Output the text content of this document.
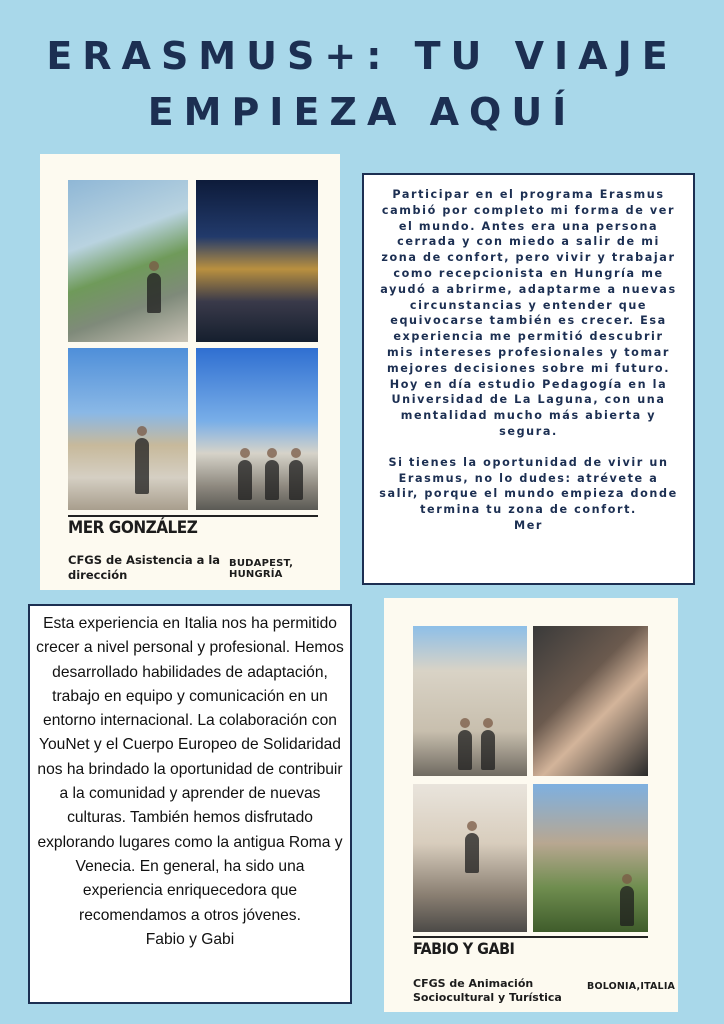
ERASMUS+: TU VIAJE
EMPIEZA AQUÍ
MER GONZÁLEZ
CFGS de Asistencia a la
dirección
BUDAPEST, HUNGRÍA

Participar en el programa Erasmus cambió por completo mi forma de ver el mundo. Antes era una persona cerrada y con miedo a salir de mi zona de confort, pero vivir y trabajar como recepcionista en Hungría me ayudó a abrirme, adaptarme a nuevas circunstancias y entender que equivocarse también es crecer. Esa experiencia me permitió descubrir mis intereses profesionales y tomar mejores decisiones sobre mi futuro. Hoy en día estudio Pedagogía en la Universidad de La Laguna, con una mentalidad mucho más abierta y segura.

Si tienes la oportunidad de vivir un Erasmus, no lo dudes: atrévete a salir, porque el mundo empieza donde termina tu zona de confort.
Mer

Esta experiencia en Italia nos ha permitido crecer a nivel personal y profesional. Hemos desarrollado habilidades de adaptación, trabajo en equipo y comunicación en un entorno internacional. La colaboración con YouNet y el Cuerpo Europeo de Solidaridad nos ha brindado la oportunidad de contribuir a la comunidad y aprender de nuevas culturas. También hemos disfrutado explorando lugares como la antigua Roma y Venecia. En general, ha sido una experiencia enriquecedora que recomendamos a otros jóvenes.
Fabio y Gabi	FABIO Y GABI
CFGS de Animación
Sociocultural y Turística
BOLONIA,ITALIA
